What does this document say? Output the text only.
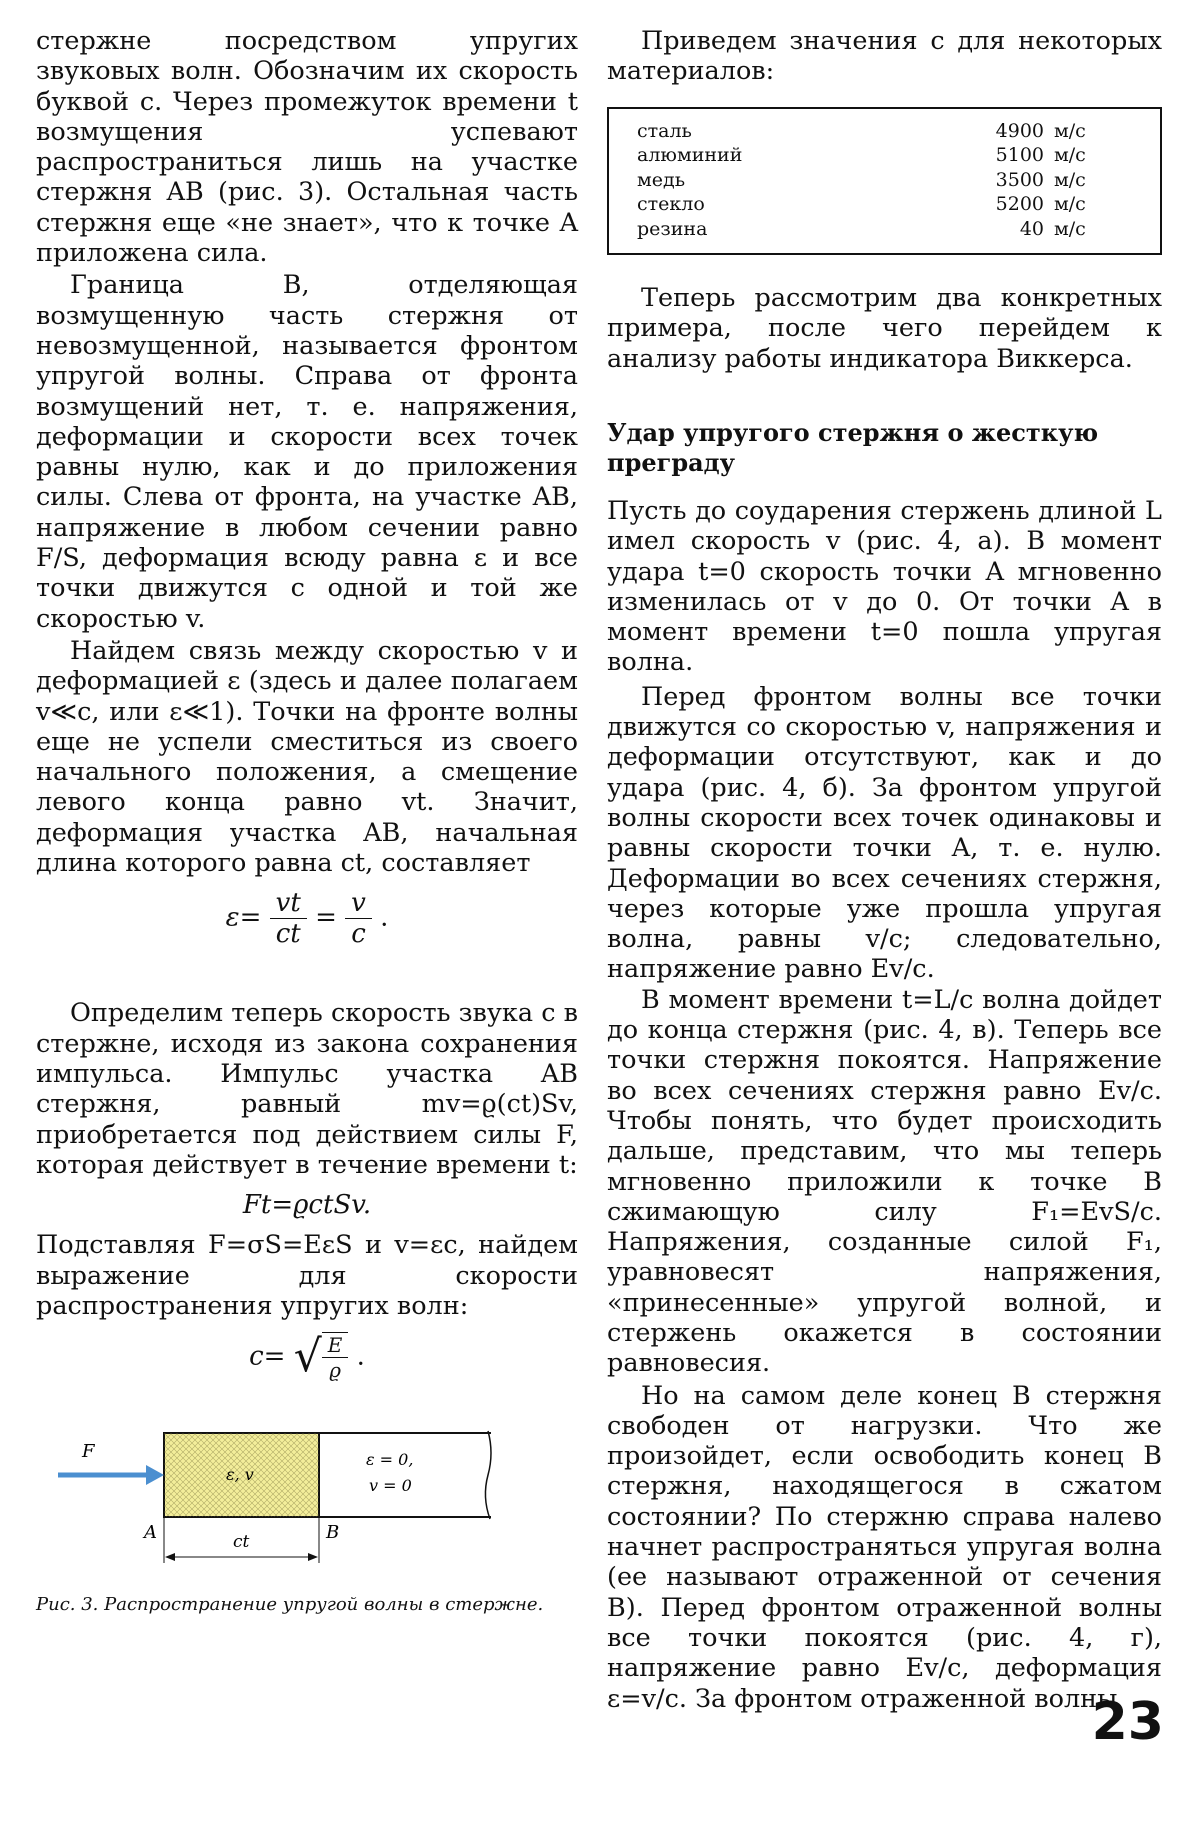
стержне посредством упругих звуковых волн. Обозначим их скорость буквой c. Через промежуток времени t возмущения успевают распространиться лишь на участке стержня AB (рис. 3). Остальная часть стержня еще «не знает», что к точке A приложена сила.

Граница B, отделяющая возмущенную часть стержня от невозмущенной, называется фронтом упругой волны. Справа от фронта возмущений нет, т. е. напряжения, деформации и скорости всех точек равны нулю, как и до приложения силы. Слева от фронта, на участке AB, напряжение в любом сечении равно F/S, деформация всюду равна ε и все точки движутся с одной и той же скоростью v.

Найдем связь между скоростью v и деформацией ε (здесь и далее полагаем v≪c, или ε≪1). Точки на фронте волны еще не успели сместиться из своего начального положения, а смещение левого конца равно vt. Значит, деформация участка AB, начальная длина которого равна ct, составляет

$\varepsilon= \frac{vt}{ct} = \frac{v}{c}$ .

Определим теперь скорость звука c в стержне, исходя из закона сохранения импульса. Импульс участка AB стержня, равный mv=ϱ(ct)Sv, приобретается под действием силы F, которая действует в течение времени t:

Ft=ϱctSv.

Подставляя F=σS=EεS и v=εc, найдем выражение для скорости распространения упругих волн:

c= √ $\frac{E}{ϱ}$ .
F
ε, v
ε = 0,
v = 0
A	B
ct

Рис. 3. Распространение упругой волны в стержне.

Приведем значения c для некоторых материалов:

сталь	4900 м/с
алюминий	5100 м/с
медь	3500 м/с
стекло	5200 м/с
резина	40 м/с

Теперь рассмотрим два конкретных примера, после чего перейдем к анализу работы индикатора Виккерса.

Удар упругого стержня о жесткую преграду

Пусть до соударения стержень длиной L имел скорость v (рис. 4, а). В момент удара t=0 скорость точки A мгновенно изменилась от v до 0. От точки A в момент времени t=0 пошла упругая волна.

Перед фронтом волны все точки движутся со скоростью v, напряжения и деформации отсутствуют, как и до удара (рис. 4, б). За фронтом упругой волны скорости всех точек одинаковы и равны скорости точки A, т. е. нулю. Деформации во всех сечениях стержня, через которые уже прошла упругая волна, равны v/c; следовательно, напряжение равно Ev/c.

В момент времени t=L/c волна дойдет до конца стержня (рис. 4, в). Теперь все точки стержня покоятся. Напряжение во всех сечениях стержня равно Ev/c. Чтобы понять, что будет происходить дальше, представим, что мы теперь мгновенно приложили к точке B сжимающую силу F₁=EvS/c. Напряжения, созданные силой F₁, уравновесят напряжения, «принесенные» упругой волной, и стержень окажется в состоянии равновесия.

Но на самом деле конец B стержня свободен от нагрузки. Что же произойдет, если освободить конец B стержня, находящегося в сжатом состоянии? По стержню справа налево начнет распространяться упругая волна (ее называют отраженной от сечения B). Перед фронтом отраженной волны все точки покоятся (рис. 4, г), напряжение равно Ev/c, деформация ε=v/c. За фронтом отраженной волны

23
